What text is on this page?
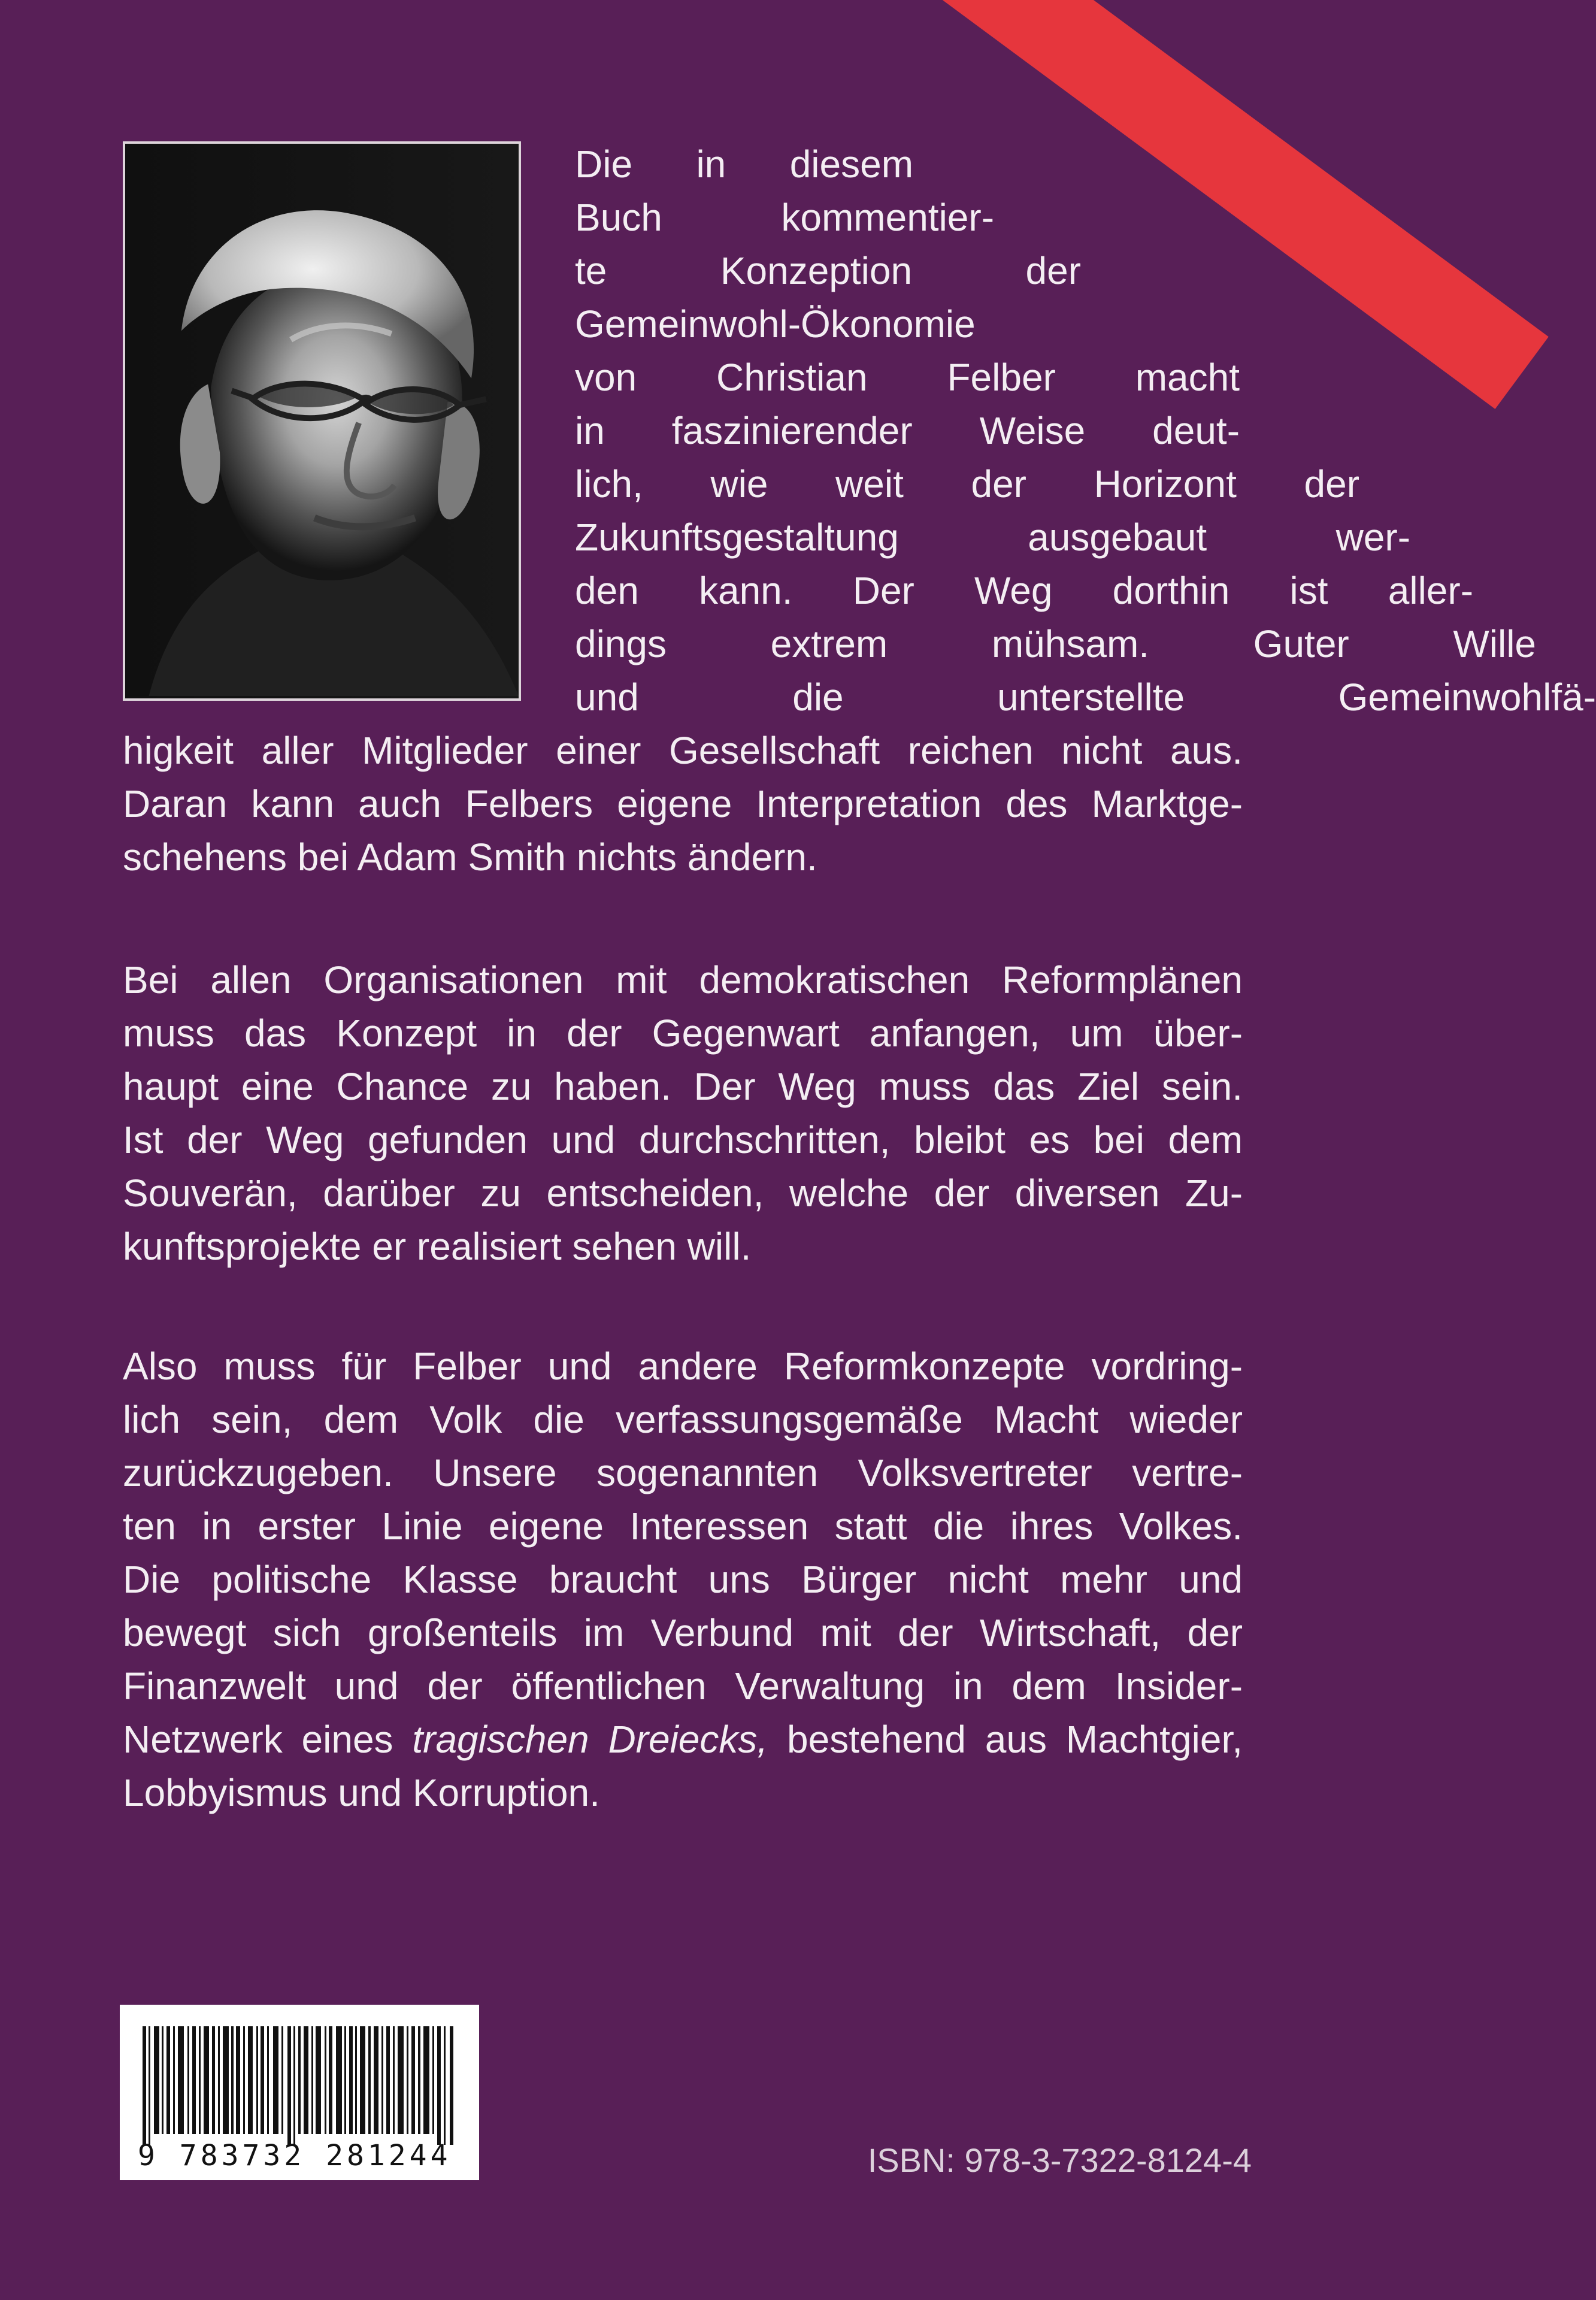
Die in diesem
Buch kommentier-
te Konzeption der
Gemeinwohl-Ökonomie
von Christian Felber macht
in faszinierender Weise deut-
lich, wie weit der Horizont der
Zukunftsgestaltung ausgebaut wer-
den kann. Der Weg dorthin ist aller-
dings extrem mühsam. Guter Wille
und die unterstellte Gemeinwohlfä-
higkeit aller Mitglieder einer Gesellschaft reichen nicht aus.
Daran kann auch Felbers eigene Interpretation des Marktge-
schehens bei Adam Smith nichts ändern.
Bei allen Organisationen mit demokratischen Reformplänen
muss das Konzept in der Gegenwart anfangen, um über-
haupt eine Chance zu haben. Der Weg muss das Ziel sein.
Ist der Weg gefunden und durchschritten, bleibt es bei dem
Souverän, darüber zu entscheiden, welche der diversen Zu-
kunftsprojekte er realisiert sehen will.
Also muss für Felber und andere Reformkonzepte vordring-
lich sein, dem Volk die verfassungsgemäße Macht wieder
zurückzugeben. Unsere sogenannten Volksvertreter vertre-
ten in erster Linie eigene Interessen statt die ihres Volkes.
Die politische Klasse braucht uns Bürger nicht mehr und
bewegt sich großenteils im Verbund mit der Wirtschaft, der
Finanzwelt und der öffentlichen Verwaltung in dem Insider-
Netzwerk eines tragischen Dreiecks, bestehend aus Machtgier,
Lobbyismus und Korruption.
9 783732 281244	ISBN: 978-3-7322-8124-4
